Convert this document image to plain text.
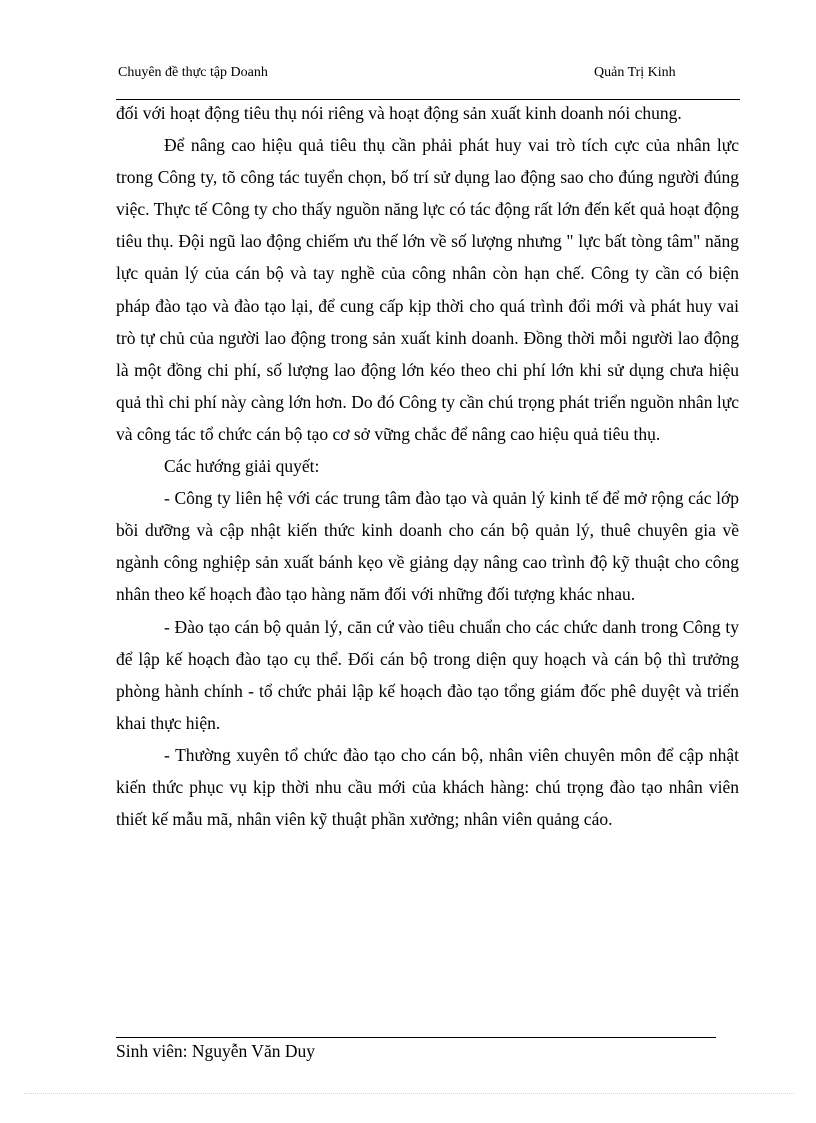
Chuyên đề thực tập Doanh	Quản Trị Kinh

đối với hoạt động tiêu thụ nói riêng và hoạt động sản xuất kinh doanh nói chung.

Để nâng cao hiệu quả tiêu thụ cần phải phát huy vai trò tích cực của nhân lực trong Công ty, tõ công tác tuyển chọn, bố trí sử dụng lao động sao cho đúng người đúng việc. Thực tế Công ty cho thấy nguồn năng lực có tác động rất lớn đến kết quả hoạt động tiêu thụ. Đội ngũ lao động chiếm ưu thế lớn về số lượng nhưng " lực bất tòng tâm" năng lực quản lý của cán bộ và tay nghề của công nhân còn hạn chế. Công ty cần có biện pháp đào tạo và đào tạo lại, để cung cấp kịp thời cho quá trình đổi mới và phát huy vai trò tự chủ của người lao động trong sản xuất kinh doanh. Đồng thời mỗi người lao động là một đồng chi phí, số lượng lao động lớn kéo theo chi phí lớn khi sử dụng chưa hiệu quả thì chi phí này càng lớn hơn. Do đó Công ty cần chú trọng phát triển nguồn nhân lực và công tác tổ chức cán bộ tạo cơ sở vững chắc để nâng cao hiệu quả tiêu thụ.

Các hướng giải quyết:

- Công ty liên hệ với các trung tâm đào tạo và quản lý kinh tế để mở rộng các lớp bồi dưỡng và cập nhật kiến thức kinh doanh cho cán bộ quản lý, thuê chuyên gia về ngành công nghiệp sản xuất bánh kẹo về giảng dạy nâng cao trình độ kỹ thuật cho công nhân theo kế hoạch đào tạo hàng năm đối với những đối tượng khác nhau.

- Đào tạo cán bộ quản lý, căn cứ vào tiêu chuẩn cho các chức danh trong Công ty để lập kế hoạch đào tạo cụ thể. Đối cán bộ trong diện quy hoạch và cán bộ thì trưởng phòng hành chính - tổ chức phải lập kế hoạch đào tạo tổng giám đốc phê duyệt và triển khai thực hiện.

- Thường xuyên tổ chức đào tạo cho cán bộ, nhân viên chuyên môn để cập nhật kiến thức phục vụ kịp thời nhu cầu mới của khách hàng: chú trọng đào tạo nhân viên thiết kế mẫu mã, nhân viên kỹ thuật phần xưởng; nhân viên quảng cáo.

Sinh viên: Nguyễn Văn Duy
